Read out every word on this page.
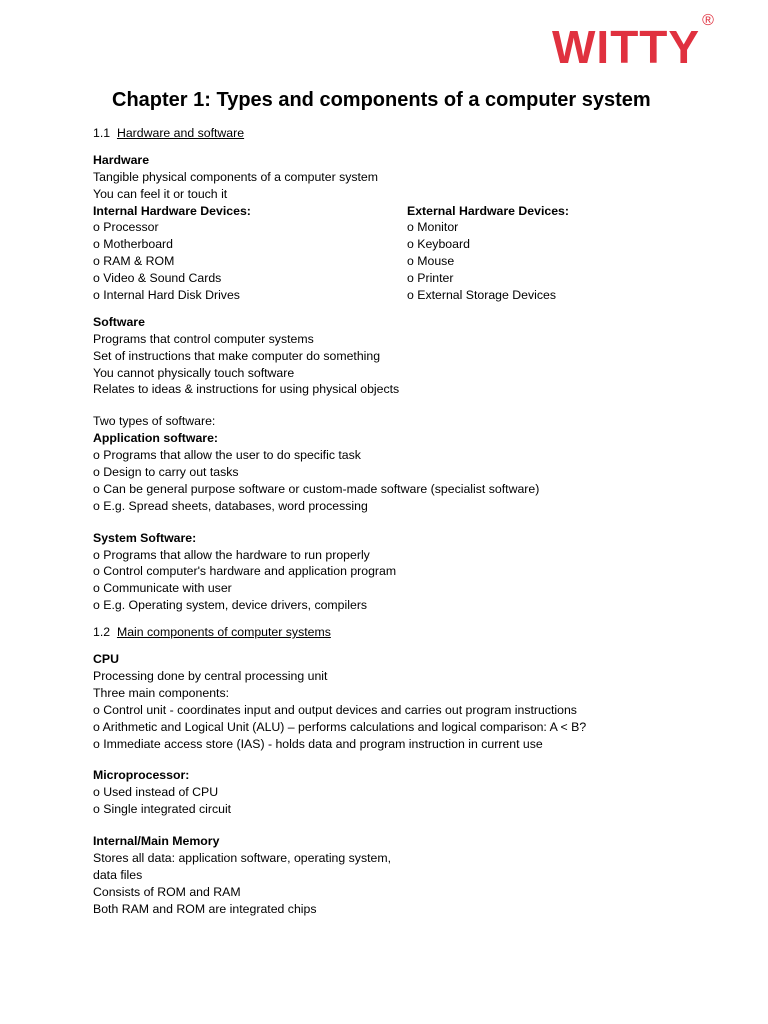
WITTY®
Chapter 1: Types and components of a computer system
1.1 Hardware and software
Hardware
Tangible physical components of a computer system
You can feel it or touch it
Internal Hardware Devices:
o Processor
o Motherboard
o RAM & ROM
o Video & Sound Cards
o Internal Hard Disk Drives
External Hardware Devices:
o Monitor
o Keyboard
o Mouse
o Printer
o External Storage Devices
Software
Programs that control computer systems
Set of instructions that make computer do something
You cannot physically touch software
Relates to ideas & instructions for using physical objects
Two types of software:
Application software:
o Programs that allow the user to do specific task
o Design to carry out tasks
o Can be general purpose software or custom-made software (specialist software)
o E.g. Spread sheets, databases, word processing
System Software:
o Programs that allow the hardware to run properly
o Control computer's hardware and application program
o Communicate with user
o E.g. Operating system, device drivers, compilers
1.2 Main components of computer systems
CPU
Processing done by central processing unit
Three main components:
o Control unit - coordinates input and output devices and carries out program instructions
o Arithmetic and Logical Unit (ALU) – performs calculations and logical comparison: A < B?
o Immediate access store (IAS) - holds data and program instruction in current use
Microprocessor:
o Used instead of CPU
o Single integrated circuit
Internal/Main Memory
Stores all data: application software, operating system,
data files
Consists of ROM and RAM
Both RAM and ROM are integrated chips
